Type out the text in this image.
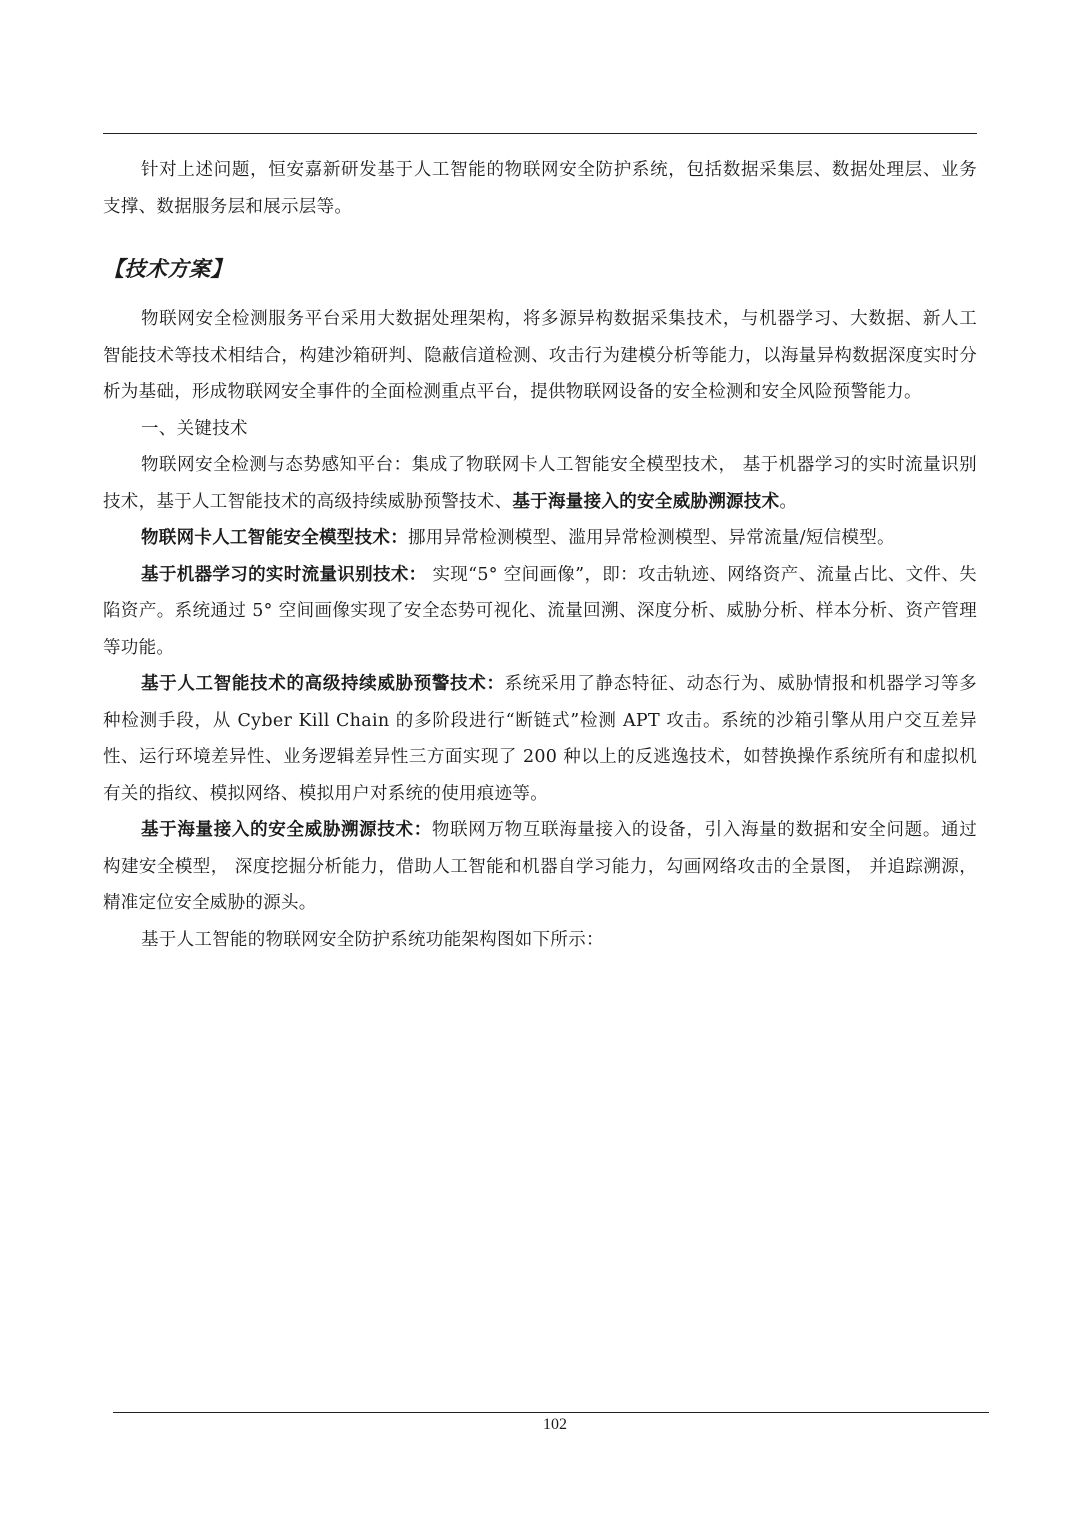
针对上述问题，恒安嘉新研发基于人工智能的物联网安全防护系统，包括数据采集层、数据处理层、业务支撑、数据服务层和展示层等。

【技术方案】

物联网安全检测服务平台采用大数据处理架构，将多源异构数据采集技术，与机器学习、大数据、新人工智能技术等技术相结合，构建沙箱研判、隐蔽信道检测、攻击行为建模分析等能力，以海量异构数据深度实时分析为基础，形成物联网安全事件的全面检测重点平台，提供物联网设备的安全检测和安全风险预警能力。

一、关键技术

物联网安全检测与态势感知平台：集成了物联网卡人工智能安全模型技术， 基于机器学习的实时流量识别技术，基于人工智能技术的高级持续威胁预警技术、基于海量接入的安全威胁溯源技术。

物联网卡人工智能安全模型技术：挪用异常检测模型、滥用异常检测模型、异常流量/短信模型。

基于机器学习的实时流量识别技术： 实现“5° 空间画像”，即：攻击轨迹、网络资产、流量占比、文件、失陷资产。系统通过 5° 空间画像实现了安全态势可视化、流量回溯、深度分析、威胁分析、样本分析、资产管理等功能。

基于人工智能技术的高级持续威胁预警技术：系统采用了静态特征、动态行为、威胁情报和机器学习等多种检测手段，从 Cyber Kill Chain 的多阶段进行“断链式”检测 APT 攻击。系统的沙箱引擎从用户交互差异性、运行环境差异性、业务逻辑差异性三方面实现了 200 种以上的反逃逸技术，如替换操作系统所有和虚拟机有关的指纹、模拟网络、模拟用户对系统的使用痕迹等。

基于海量接入的安全威胁溯源技术：物联网万物互联海量接入的设备，引入海量的数据和安全问题。通过构建安全模型， 深度挖掘分析能力，借助人工智能和机器自学习能力，勾画网络攻击的全景图， 并追踪溯源，精准定位安全威胁的源头。

基于人工智能的物联网安全防护系统功能架构图如下所示：

102
